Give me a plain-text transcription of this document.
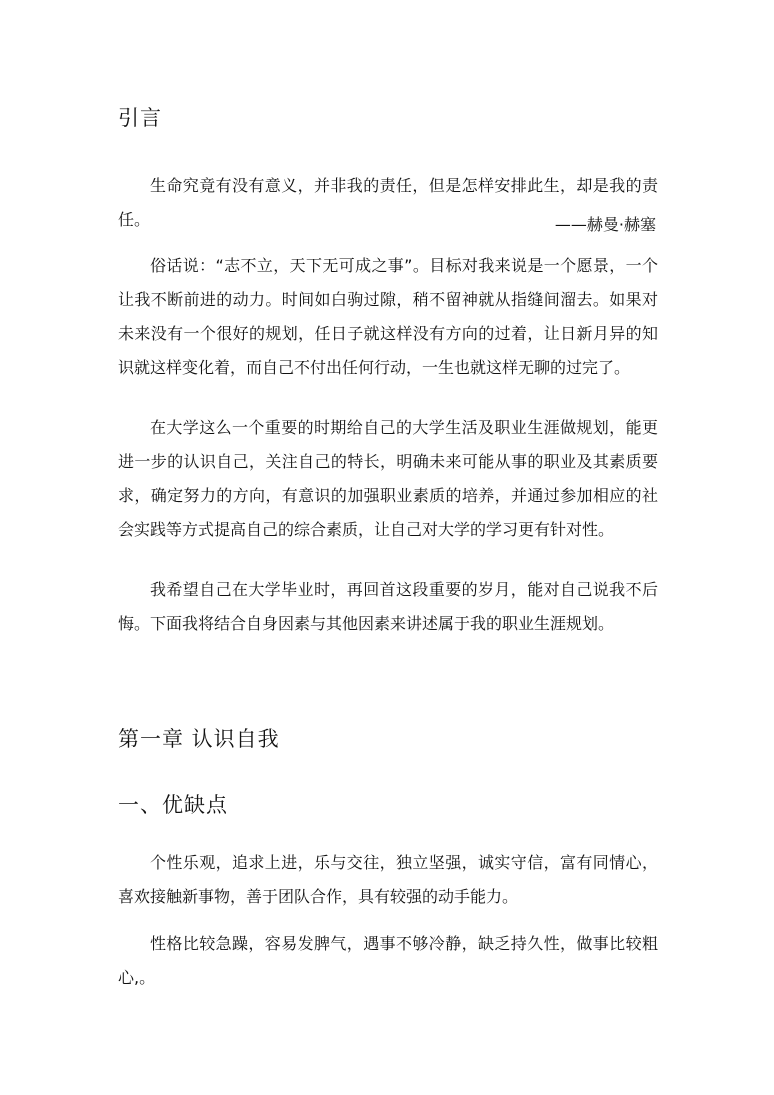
引言

生命究竟有没有意义，并非我的责任，但是怎样安排此生，却是我的责任。	——赫曼·赫塞

俗话说：“志不立，天下无可成之事”。目标对我来说是一个愿景，一个让我不断前进的动力。时间如白驹过隙，稍不留神就从指缝间溜去。如果对未来没有一个很好的规划，任日子就这样没有方向的过着，让日新月异的知识就这样变化着，而自己不付出任何行动，一生也就这样无聊的过完了。

在大学这么一个重要的时期给自己的大学生活及职业生涯做规划，能更进一步的认识自己，关注自己的特长，明确未来可能从事的职业及其素质要求，确定努力的方向，有意识的加强职业素质的培养，并通过参加相应的社会实践等方式提高自己的综合素质，让自己对大学的学习更有针对性。

我希望自己在大学毕业时，再回首这段重要的岁月，能对自己说我不后悔。下面我将结合自身因素与其他因素来讲述属于我的职业生涯规划。

第一章 认识自我
一、优缺点

个性乐观，追求上进，乐与交往，独立坚强，诚实守信，富有同情心，喜欢接触新事物，善于团队合作，具有较强的动手能力。

性格比较急躁，容易发脾气，遇事不够冷静，缺乏持久性，做事比较粗心,。
